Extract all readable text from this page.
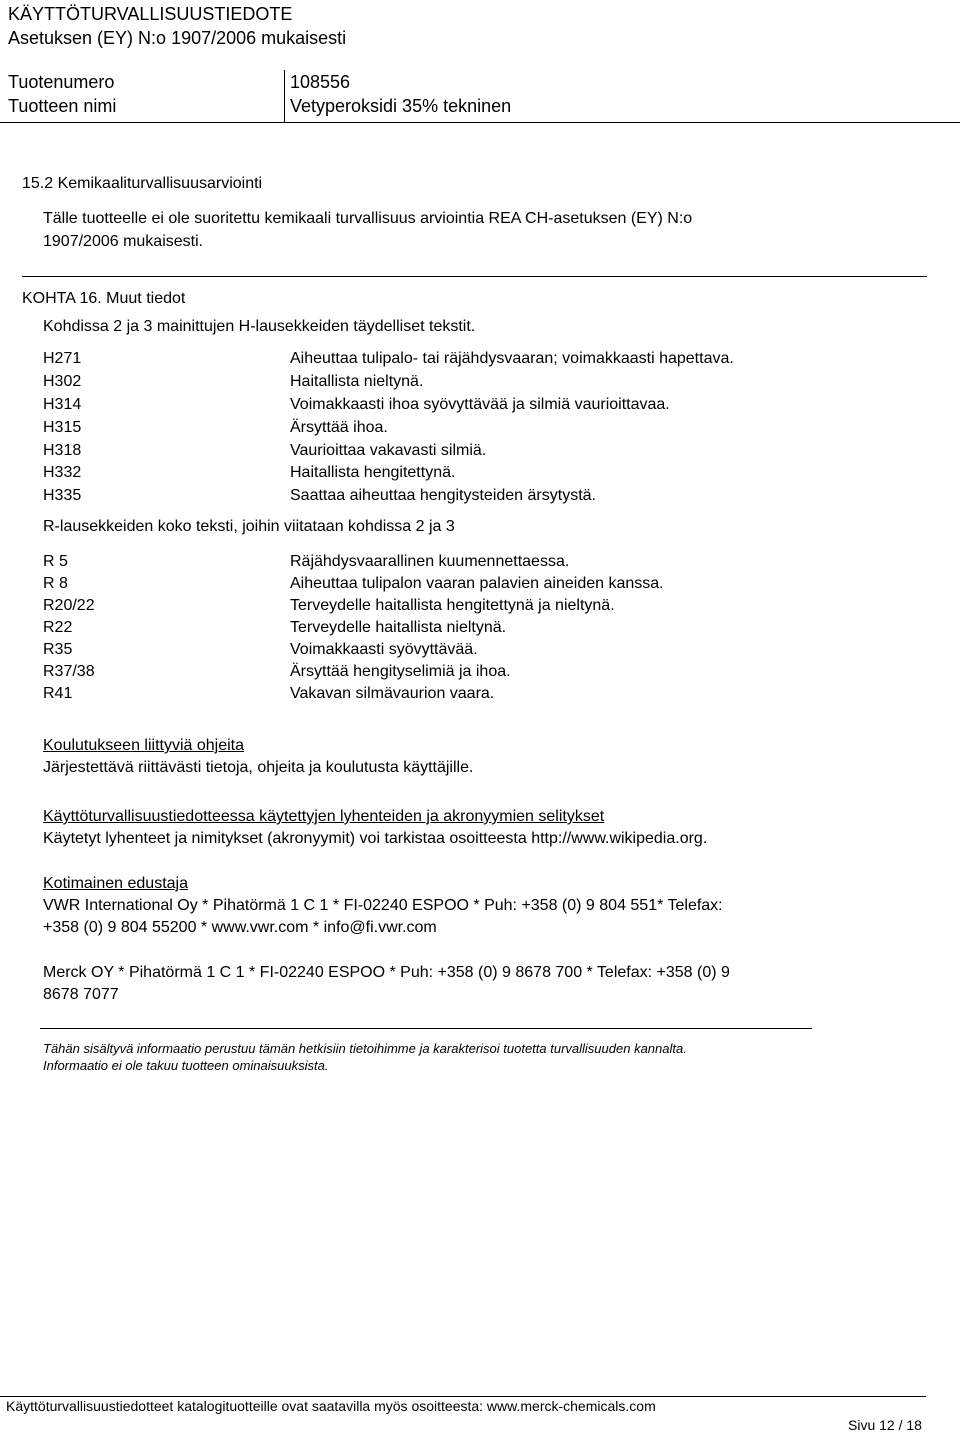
KÄYTTÖTURVALLISUUSTIEDOTE
Asetuksen (EY) N:o 1907/2006 mukaisesti
Tuotenumero	108556
Tuotteen nimi	Vetyperoksidi 35% tekninen
15.2 Kemikaaliturvallisuusarviointi
Tälle tuotteelle ei ole suoritettu kemikaali turvallisuus arviointia REA CH-asetuksen (EY) N:o
1907/2006 mukaisesti.
KOHTA 16. Muut tiedot
Kohdissa 2 ja 3 mainittujen H-lausekkeiden täydelliset tekstit.
H271	Aiheuttaa tulipalo- tai räjähdysvaaran; voimakkaasti hapettava.
H302	Haitallista nieltynä.
H314	Voimakkaasti ihoa syövyttävää ja silmiä vaurioittavaa.
H315	Ärsyttää ihoa.
H318	Vaurioittaa vakavasti silmiä.
H332	Haitallista hengitettynä.
H335	Saattaa aiheuttaa hengitysteiden ärsytystä.
R-lausekkeiden koko teksti, joihin viitataan kohdissa 2 ja 3
R 5	Räjähdysvaarallinen kuumennettaessa.
R 8	Aiheuttaa tulipalon vaaran palavien aineiden kanssa.
R20/22	Terveydelle haitallista hengitettynä ja nieltynä.
R22	Terveydelle haitallista nieltynä.
R35	Voimakkaasti syövyttävää.
R37/38	Ärsyttää hengityselimiä ja ihoa.
R41	Vakavan silmävaurion vaara.
Koulutukseen liittyviä ohjeita
Järjestettävä riittävästi tietoja, ohjeita ja koulutusta käyttäjille.
Käyttöturvallisuustiedotteessa käytettyjen lyhenteiden ja akronyymien selitykset
Käytetyt lyhenteet ja nimitykset (akronyymit) voi tarkistaa osoitteesta http://www.wikipedia.org.
Kotimainen edustaja
VWR International Oy * Pihatörmä 1 C 1 * FI-02240 ESPOO * Puh: +358 (0) 9 804 551* Telefax:
+358 (0) 9 804 55200 * www.vwr.com * info@fi.vwr.com
Merck OY * Pihatörmä 1 C 1 * FI-02240 ESPOO * Puh: +358 (0) 9 8678 700 * Telefax: +358 (0) 9
8678 7077
Tähän sisältyvä informaatio perustuu tämän hetkisiin tietoihimme ja karakterisoi tuotetta turvallisuuden kannalta.
Informaatio ei ole takuu tuotteen ominaisuuksista.
Käyttöturvallisuustiedotteet katalogituotteille ovat saatavilla myös osoitteesta: www.merck-chemicals.com
Sivu 12 / 18
